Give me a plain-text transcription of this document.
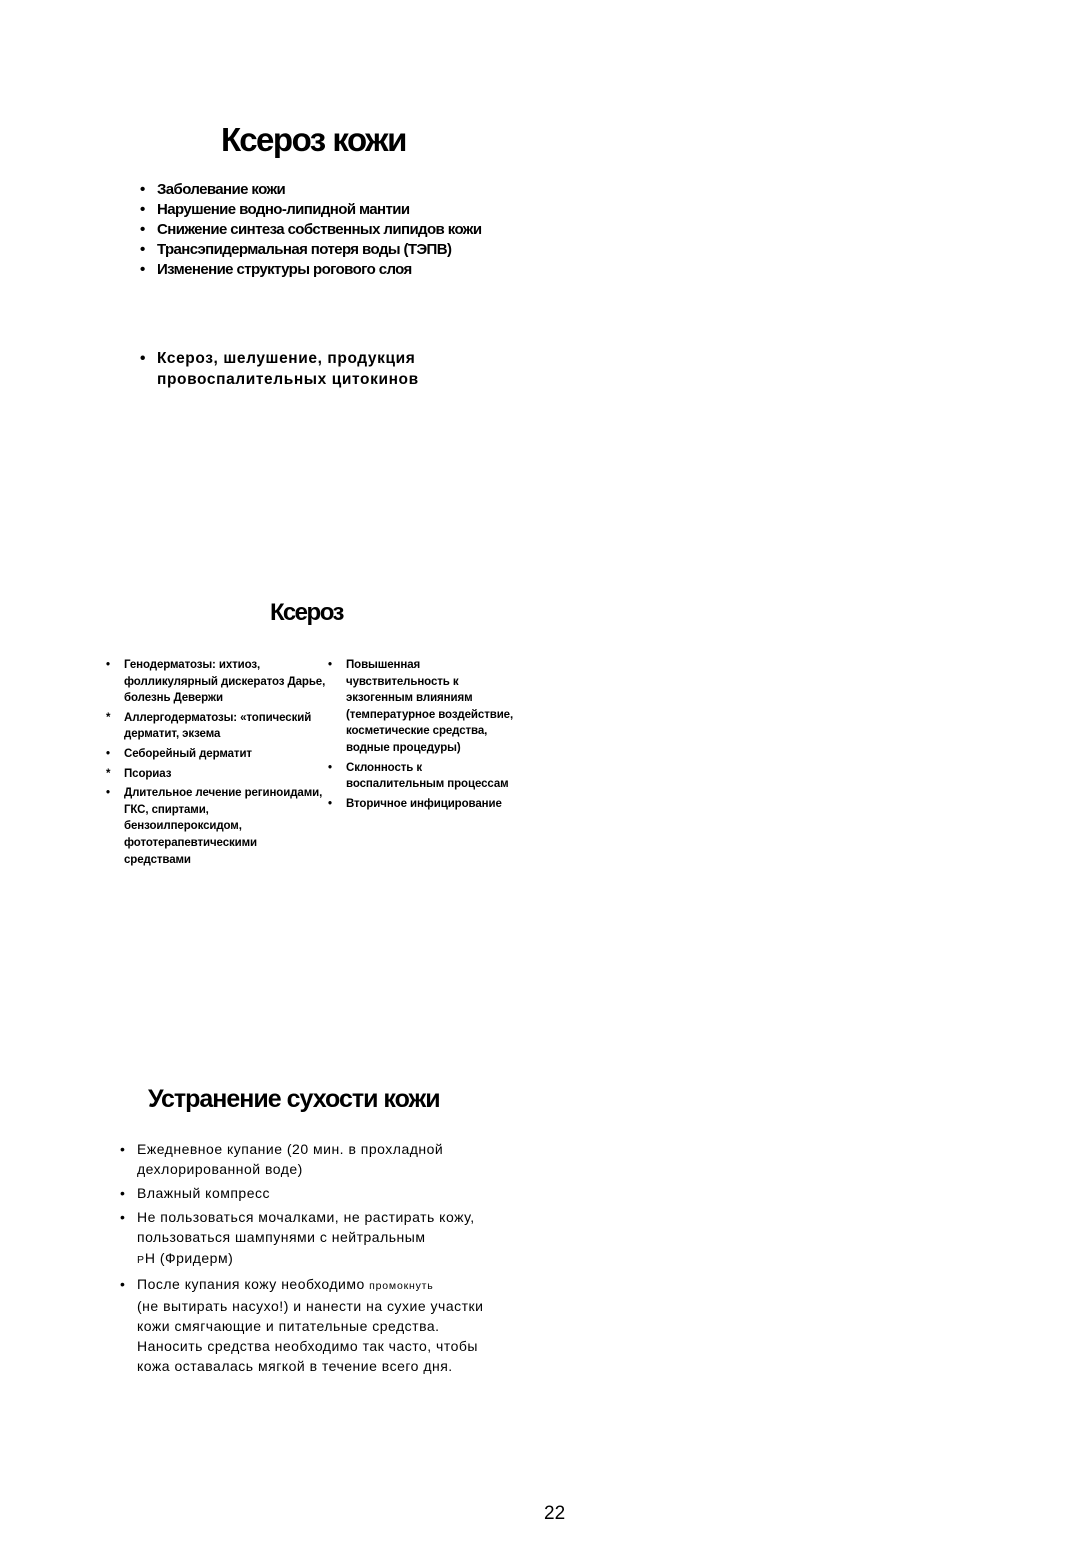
Ксероз кожи
• Заболевание кожи
• Нарушение водно-липидной мантии
• Снижение синтеза собственных липидов кожи
• Трансэпидермальная потеря воды (ТЭПВ)
• Изменение структуры рогового слоя
• Ксероз, шелушение, продукция провоспалительных цитокинов
Ксероз
• Генодерматозы: ихтиоз, фолликулярный дискератоз Дарье, болезнь Девержи
* Аллергодерматозы: «топический дерматит, экзема
• Себорейный дерматит
* Псориаз
• Длительное лечение региноидами, ГКС, спиртами, бензоилпероксидом, фототерапевтическими средствами
• Повышенная чувствительность к экзогенным влияниям (температурное воздействие, косметические средства, водные процедуры)
• Склонность к воспалительным процессам
• Вторичное инфицирование
Устранение сухости кожи
• Ежедневное купание (20 мин. в прохладной дехлорированной воде)
• Влажный компресс
• Не пользоваться мочалками, не растирать кожу, пользоваться шампунями с нейтральным
PH (Фридерм)
• После купания кожу необходимо промокнуть
(не вытирать насухо!) и нанести на сухие участки кожи смягчающие и питательные средства. Наносить средства необходимо так часто, чтобы кожа оставалась мягкой в течение всего дня.
22
